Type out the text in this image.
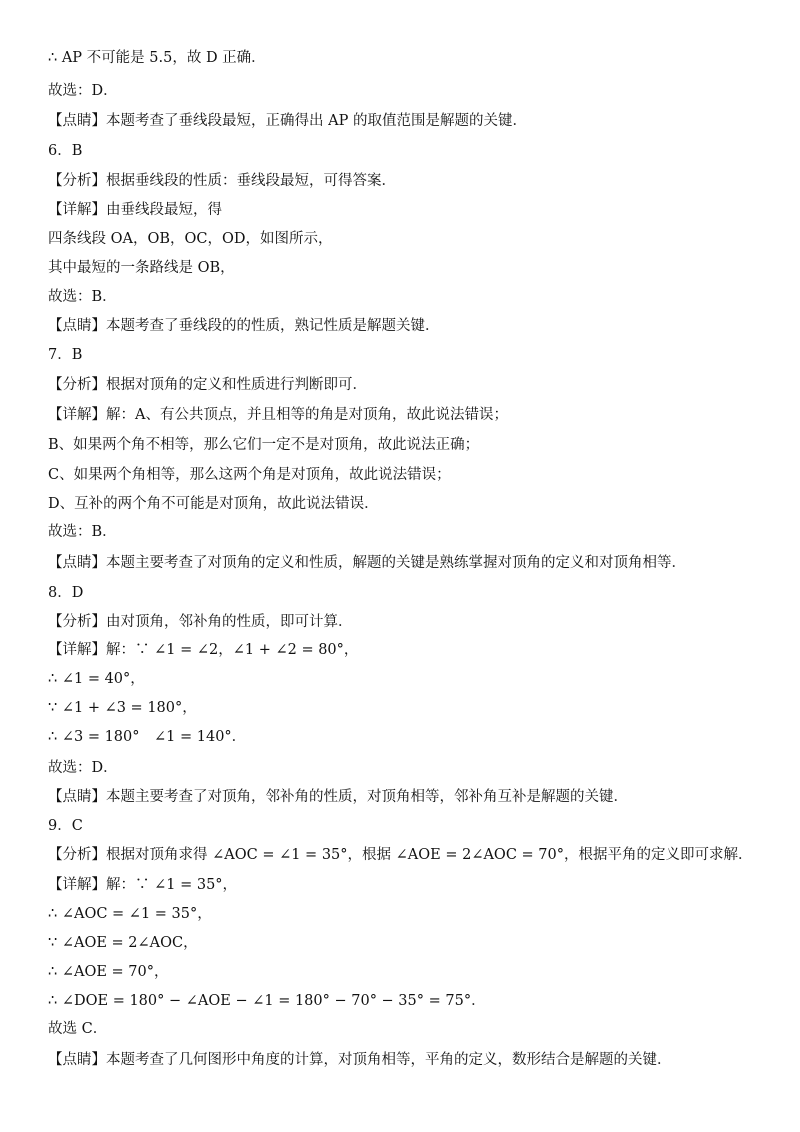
∴ AP 不可能是 5.5，故 D 正确．
故选：D．
【点睛】本题考查了垂线段最短，正确得出 AP 的取值范围是解题的关键．
6．B
【分析】根据垂线段的性质：垂线段最短，可得答案．
【详解】由垂线段最短，得
四条线段 OA，OB，OC，OD，如图所示，
其中最短的一条路线是 OB，
故选：B．
【点睛】本题考查了垂线段的的性质，熟记性质是解题关键．
7．B
【分析】根据对顶角的定义和性质进行判断即可．
【详解】解：A、有公共顶点，并且相等的角是对顶角，故此说法错误；
B、如果两个角不相等，那么它们一定不是对顶角，故此说法正确；
C、如果两个角相等，那么这两个角是对顶角，故此说法错误；
D、互补的两个角不可能是对顶角，故此说法错误．
故选：B．
【点睛】本题主要考查了对顶角的定义和性质，解题的关键是熟练掌握对顶角的定义和对顶角相等．
8．D
【分析】由对顶角，邻补角的性质，即可计算．
【详解】解：∵ ∠1 = ∠2，∠1 + ∠2 = 80°，
∴ ∠1 = 40°，
∵ ∠1 + ∠3 = 180°，
∴ ∠3 = 180°　∠1 = 140°．
故选：D．
【点睛】本题主要考查了对顶角，邻补角的性质，对顶角相等，邻补角互补是解题的关键．
9．C
【分析】根据对顶角求得 ∠AOC = ∠1 = 35°，根据 ∠AOE = 2∠AOC = 70°，根据平角的定义即可求解．
【详解】解：∵ ∠1 = 35°，
∴ ∠AOC = ∠1 = 35°，
∵ ∠AOE = 2∠AOC，
∴ ∠AOE = 70°，
∴ ∠DOE = 180° − ∠AOE − ∠1 = 180° − 70° − 35° = 75°．
故选 C．
【点睛】本题考查了几何图形中角度的计算，对顶角相等，平角的定义，数形结合是解题的关键．
